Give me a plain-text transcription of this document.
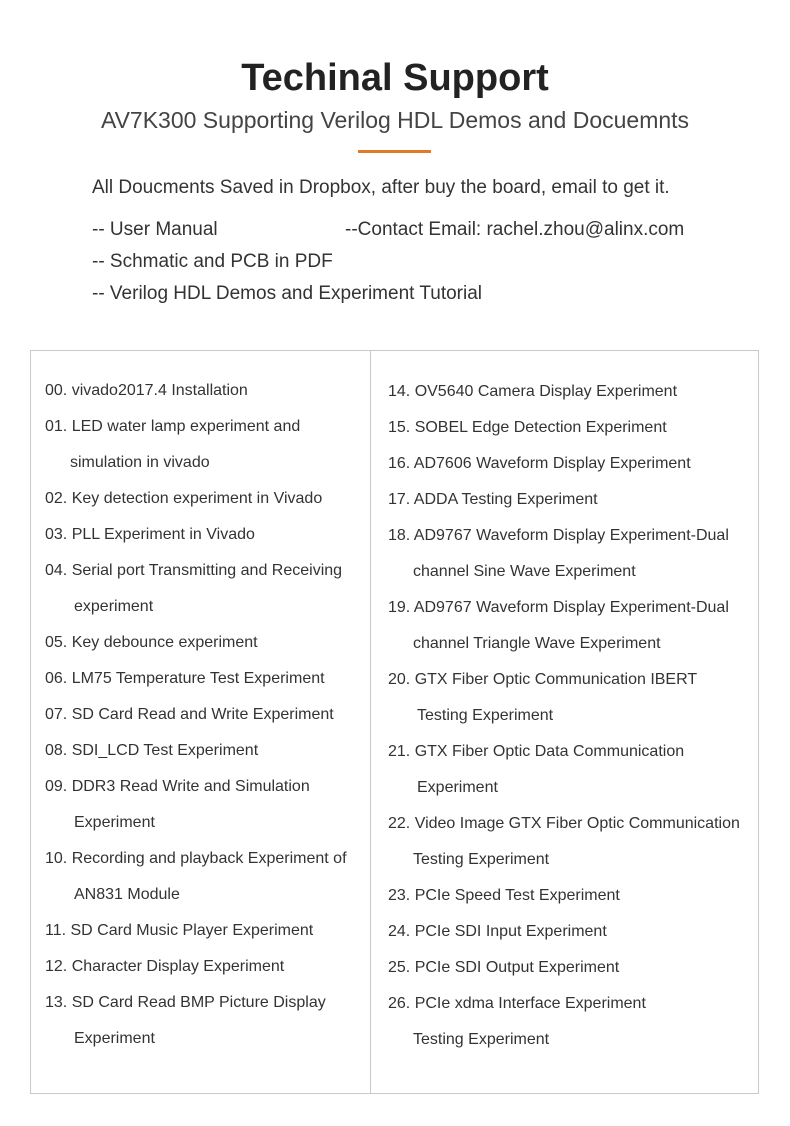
Techinal Support
AV7K300 Supporting Verilog HDL Demos and Docuemnts
All Doucments Saved in Dropbox, after buy the board, email to get it.
-- User Manual
-- Schmatic and PCB in PDF
-- Verilog HDL Demos and Experiment Tutorial
--Contact Email: rachel.zhou@alinx.com
00. vivado2017.4 Installation
01. LED water lamp experiment and
simulation in vivado
02. Key detection experiment in Vivado
03. PLL Experiment in Vivado
04. Serial port Transmitting and Receiving
experiment
05. Key debounce experiment
06. LM75 Temperature Test Experiment
07. SD Card Read and Write Experiment
08. SDI_LCD Test Experiment
09. DDR3 Read Write and Simulation
Experiment
10. Recording and playback Experiment of
AN831 Module
11. SD Card Music Player Experiment
12. Character Display Experiment
13. SD Card Read BMP Picture Display
Experiment
14. OV5640 Camera Display Experiment
15. SOBEL Edge Detection Experiment
16. AD7606 Waveform Display Experiment
17. ADDA Testing Experiment
18. AD9767 Waveform Display Experiment-Dual
channel Sine Wave Experiment
19. AD9767 Waveform Display Experiment-Dual
channel Triangle Wave Experiment
20. GTX Fiber Optic Communication IBERT
Testing Experiment
21. GTX Fiber Optic Data Communication
Experiment
22. Video Image GTX Fiber Optic Communication
Testing Experiment
23. PCIe Speed Test Experiment
24. PCIe SDI Input Experiment
25. PCIe SDI Output Experiment
26. PCIe xdma Interface Experiment
Testing Experiment
